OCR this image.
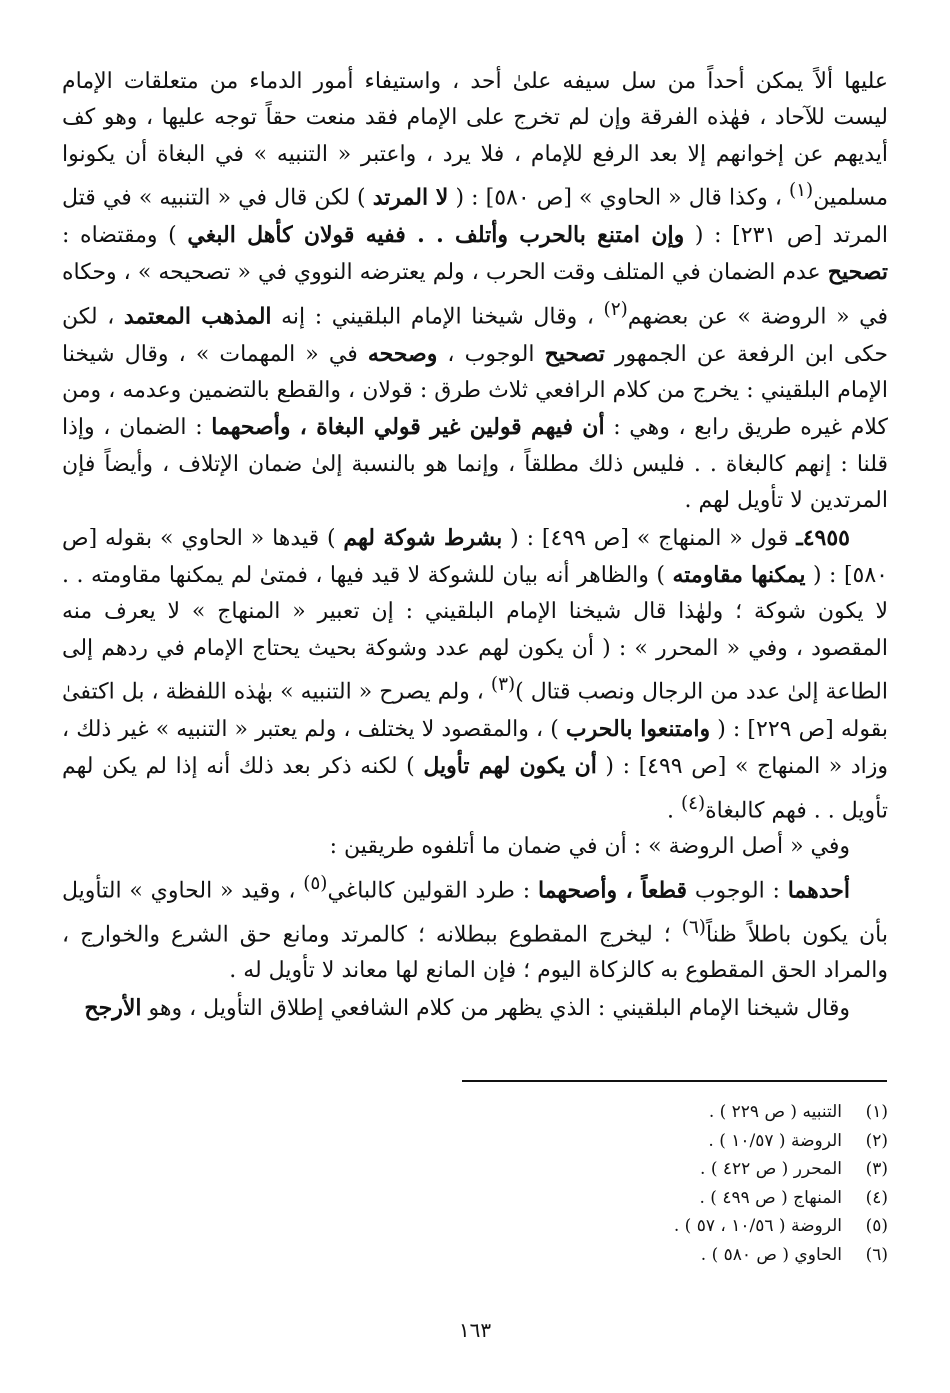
عليها ألاً يمكن أحداً من سل سيفه علىٰ أحد ، واستيفاء أمور الدماء من متعلقات الإمام ليست للآحاد ، فهٰذه الفرقة وإن لم تخرج على الإمام فقد منعت حقاً توجه عليها ، وهو كف أيديهم عن إخوانهم إلا بعد الرفع للإمام ، فلا يرد ، واعتبر « التنبيه » في البغاة أن يكونوا مسلمين$^{(١)}$ ، وكذا قال « الحاوي » [ص ٥٨٠] : ( لا المرتد ) لكن قال في « التنبيه » في قتل المرتد [ص ٢٣١] : ( وإن امتنع بالحرب وأتلف . . ففيه قولان كأهل البغي ) ومقتضاه : تصحيح عدم الضمان في المتلف وقت الحرب ، ولم يعترضه النووي في « تصحيحه » ، وحكاه في « الروضة » عن بعضهم$^{(٢)}$ ، وقال شيخنا الإمام البلقيني : إنه المذهب المعتمد ، لكن حكى ابن الرفعة عن الجمهور تصحيح الوجوب ، وصححه في « المهمات » ، وقال شيخنا الإمام البلقيني : يخرج من كلام الرافعي ثلاث طرق : قولان ، والقطع بالتضمين وعدمه ، ومن كلام غيره طريق رابع ، وهي : أن فيهم قولين غير قولي البغاة ، وأصحهما : الضمان ، وإذا قلنا : إنهم كالبغاة . . فليس ذلك مطلقاً ، وإنما هو بالنسبة إلىٰ ضمان الإتلاف ، وأيضاً فإن المرتدين لا تأويل لهم .

٤٩٥٥ـ قول « المنهاج » [ص ٤٩٩] : ( بشرط شوكة لهم ) قيدها « الحاوي » بقوله [ص ٥٨٠] : ( يمكنها مقاومته ) والظاهر أنه بيان للشوكة لا قيد فيها ، فمتىٰ لم يمكنها مقاومته . . لا يكون شوكة ؛ ولهٰذا قال شيخنا الإمام البلقيني : إن تعبير « المنهاج » لا يعرف منه المقصود ، وفي « المحرر » : ( أن يكون لهم عدد وشوكة بحيث يحتاج الإمام في ردهم إلى الطاعة إلىٰ عدد من الرجال ونصب قتال )$^{(٣)}$ ، ولم يصرح « التنبيه » بهٰذه اللفظة ، بل اكتفىٰ بقوله [ص ٢٢٩] : ( وامتنعوا بالحرب ) ، والمقصود لا يختلف ، ولم يعتبر « التنبيه » غير ذلك ، وزاد « المنهاج » [ص ٤٩٩] : ( أن يكون لهم تأويل ) لكنه ذكر بعد ذلك أنه إذا لم يكن لهم تأويل . . فهم كالبغاة$^{(٤)}$ .

وفي « أصل الروضة » : أن في ضمان ما أتلفوه طريقين :

أحدهما : الوجوب قطعاً ، وأصحهما : طرد القولين كالباغي$^{(٥)}$ ، وقيد « الحاوي » التأويل بأن يكون باطلاً ظناً$^{(٦)}$ ؛ ليخرج المقطوع ببطلانه ؛ كالمرتد ومانع حق الشرع والخوارج ، والمراد الحق المقطوع به كالزكاة اليوم ؛ فإن المانع لها معاند لا تأويل له .

وقال شيخنا الإمام البلقيني : الذي يظهر من كلام الشافعي إطلاق التأويل ، وهو الأرجح

(١)التنبيه ( ص ٢٢٩ ) .
(٢)الروضة ( ١٠/٥٧ ) .
(٣)المحرر ( ص ٤٢٢ ) .
(٤)المنهاج ( ص ٤٩٩ ) .
(٥)الروضة ( ١٠/٥٦ ، ٥٧ ) .
(٦)الحاوي ( ص ٥٨٠ ) .
١٦٣
